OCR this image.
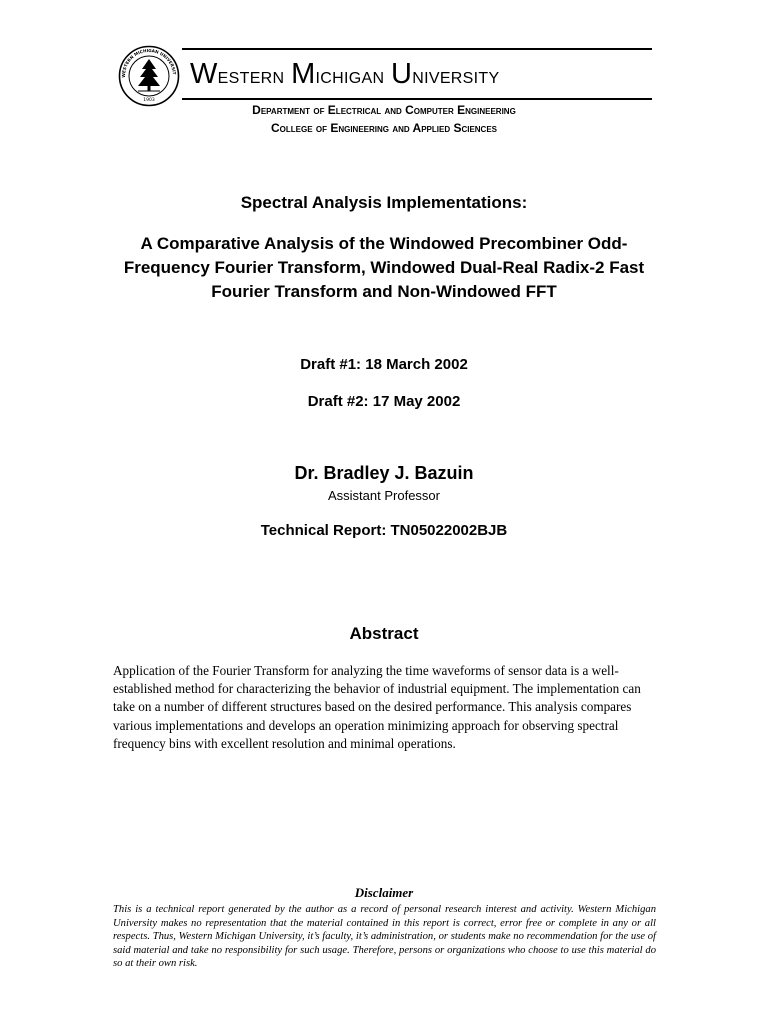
WESTERN MICHIGAN UNIVERSIT
1903
Western Michigan University
Department of Electrical and Computer Engineering
College of Engineering and Applied Sciences
Spectral Analysis Implementations:
A Comparative Analysis of the Windowed Precombiner Odd-Frequency Fourier Transform, Windowed Dual-Real Radix-2 Fast Fourier Transform and Non-Windowed FFT
Draft #1: 18 March 2002
Draft #2: 17 May 2002
Dr. Bradley J. Bazuin
Assistant Professor
Technical Report: TN05022002BJB
Abstract
Application of the Fourier Transform for analyzing the time waveforms of sensor data is a well-established method for characterizing the behavior of industrial equipment. The implementation can take on a number of different structures based on the desired performance. This analysis compares various implementations and develops an operation minimizing approach for observing spectral frequency bins with excellent resolution and minimal operations.
Disclaimer
This is a technical report generated by the author as a record of personal research interest and activity. Western Michigan University makes no representation that the material contained in this report is correct, error free or complete in any or all respects. Thus, Western Michigan University, it’s faculty, it’s administration, or students make no recommendation for the use of said material and take no responsibility for such usage. Therefore, persons or organizations who choose to use this material do so at their own risk.
